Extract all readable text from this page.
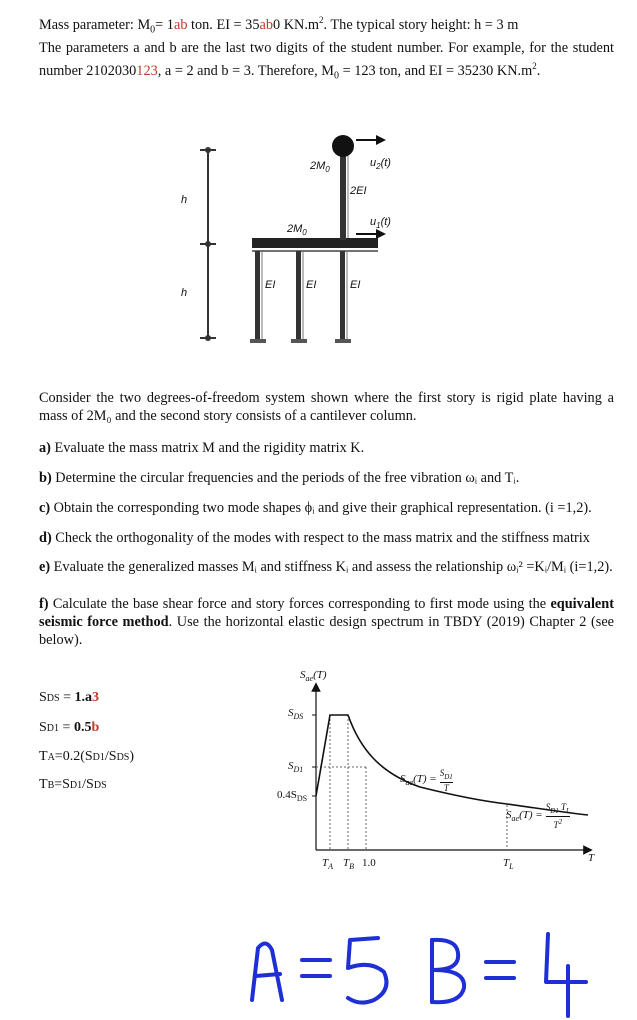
Mass parameter: $M_0= 1ab$ ton. EI = 35ab0 $KN.m^2$. The typical story height: h = 3 m
The parameters a and b are the last two digits of the student number. For example, for the student number 2102030123, a = 2 and b = 3. Therefore, $M_0 = 123$ ton, and EI = 35230 $KN.m^2$.
h
h
$2M_0$
$2M_0$
2EI
EI	EI	EI
$u_2(t)$
$u_1(t)$
Consider the two degrees-of-freedom system shown where the first story is rigid plate having a mass of 2M₀ and the second story consists of a cantilever column.
a) Evaluate the mass matrix M and the rigidity matrix K.
b) Determine the circular frequencies and the periods of the free vibration ωᵢ and Tᵢ.
c) Obtain the corresponding two mode shapes ϕᵢ and give their graphical representation. (i =1,2).
d) Check the orthogonality of the modes with respect to the mass matrix and the stiffness matrix
e) Evaluate the generalized masses Mᵢ and stiffness Kᵢ and assess the relationship ωᵢ² =Kᵢ/Mᵢ (i=1,2).
f) Calculate the base shear force and story forces corresponding to first mode using the equivalent seismic force method. Use the horizontal elastic design spectrum in TBDY (2019) Chapter 2 (see below).
SDS = 1.a3
SD1 = 0.5b
TA=0.2(SD1/SDS)
TB=SD1/SDS
$S_{ae}(T)$
$S_{DS}$
$S_{D1}$
$0.4S_{DS}$
$T_A$ $T_B$ 1.0	$T_L$
T
$S_{ae}(T) = \frac{S_{D1}}{T}$
$S_{ae}(T) = \frac{S_{D1} T_L}{T^2}$
